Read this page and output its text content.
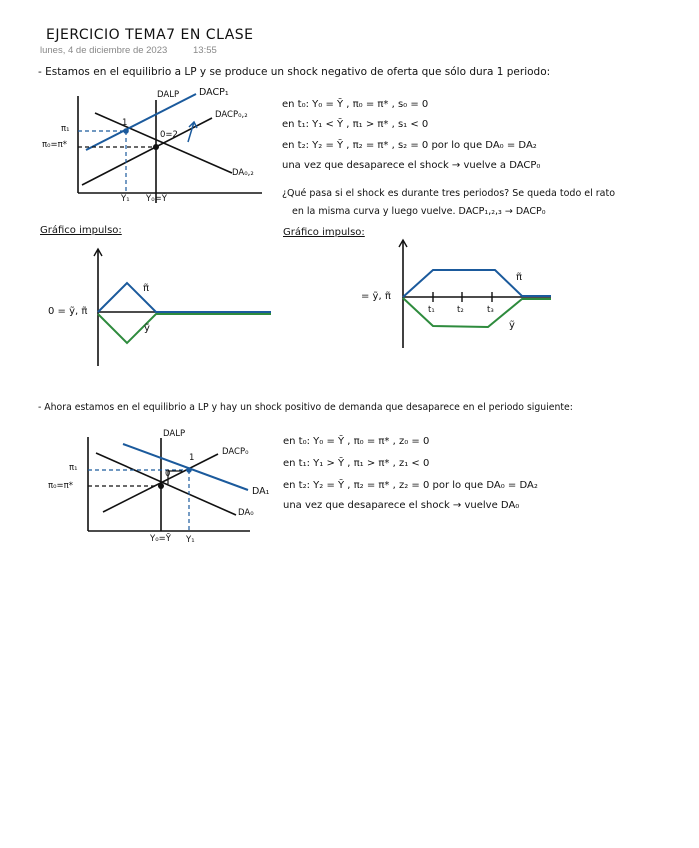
EJERCICIO TEMA7 EN CLASE
lunes, 4 de diciembre de 2023	13:55
- Estamos en el equilibrio a LP y se produce un shock negativo de oferta que sólo dura 1 periodo:
DALP DACP₁
DACP₀,₂
DA₀,₂
π₁
π₀=π*
Y₁ Y₀=Ȳ
1
0=2
en t₀: Y₀ = Ȳ , π₀ = π* , s₀ = 0
en t₁: Y₁ < Ȳ , π₁ > π* , s₁ < 0
en t₂: Y₂ = Ȳ , π₂ = π* , s₂ = 0 por lo que DA₀ = DA₂
una vez que desaparece el shock → vuelve a DACP₀
¿Qué pasa si el shock es durante tres periodos? Se queda todo el rato
en la misma curva y luego vuelve. DACP₁,₂,₃ → DACP₀
Gráfico impulso:
0 = ỹ, π̃
π̃
ỹ
Gráfico impulso:
= ỹ, π̃
π̃
ỹ
t₁	t₂	t₃
- Ahora estamos en el equilibrio a LP y hay un shock positivo de demanda que desaparece en el periodo siguiente:
DALP
DACP₀
DA₁
DA₀
π₁
π₀=π*
Y₀=Ȳ Y₁
1
0
en t₀: Y₀ = Ȳ , π₀ = π* , z₀ = 0
en t₁: Y₁ > Ȳ , π₁ > π* , z₁ < 0
en t₂: Y₂ = Ȳ , π₂ = π* , z₂ = 0 por lo que DA₀ = DA₂
una vez que desaparece el shock → vuelve DA₀
